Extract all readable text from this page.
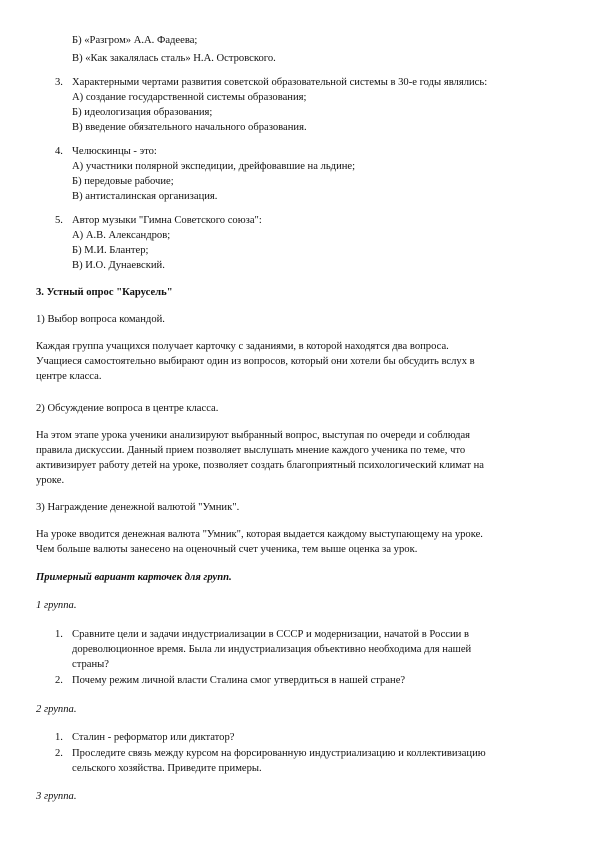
Б) «Разгром» А.А. Фадеева;
В) «Как закалялась сталь» Н.А. Островского.
3. Характерными чертами развития советской образовательной системы в 30-е годы являлись:
А) создание государственной системы образования;
Б) идеологизация образования;
В) введение обязательного начального образования.
4. Челюскинцы - это:
А) участники полярной экспедиции, дрейфовавшие на льдине;
Б) передовые рабочие;
В) антисталинская организация.
5. Автор музыки "Гимна Советского союза":
А) А.В. Александров;
Б) М.И. Блантер;
В) И.О. Дунаевский.
3. Устный опрос "Карусель"
1) Выбор вопроса командой.
Каждая группа учащихся получает карточку с заданиями, в которой находятся два вопроса.
Учащиеся самостоятельно выбирают один из вопросов, который они хотели бы обсудить вслух в
центре класса.
2) Обсуждение вопроса в центре класса.
На этом этапе урока ученики анализируют выбранный вопрос, выступая по очереди и соблюдая
правила дискуссии. Данный прием позволяет выслушать мнение каждого ученика по теме, что
активизирует работу детей на уроке, позволяет создать благоприятный психологический климат на
уроке.
3) Награждение денежной валютой "Умник".
На уроке вводится денежная валюта "Умник", которая выдается каждому выступающему на уроке.
Чем больше валюты занесено на оценочный счет ученика, тем выше оценка за урок.
Примерный вариант карточек для групп.
1 группа.
1. Сравните цели и задачи индустриализации в СССР и модернизации, начатой в России в
дореволюционное время. Была ли индустриализация объективно необходима для нашей
страны?
2. Почему режим личной власти Сталина смог утвердиться в нашей стране?
2 группа.
1. Сталин - реформатор или диктатор?
2. Проследите связь между курсом на форсированную индустриализацию и коллективизацию
сельского хозяйства. Приведите примеры.
3 группа.
